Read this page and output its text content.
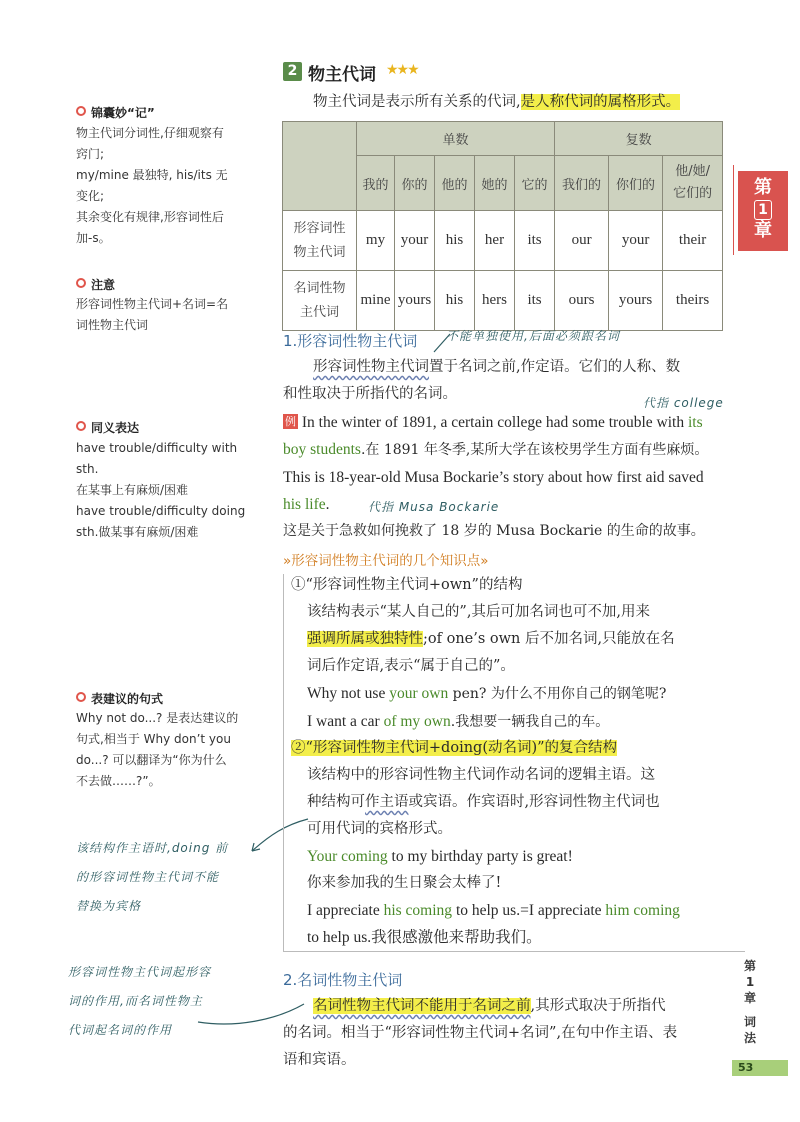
锦囊妙“记”
物主代词分词性,仔细观察有
窍门;
my/mine 最独特, his/its 无
变化;
其余变化有规律,形容词性后
加-s。
注意
形容词性物主代词+名词=名
词性物主代词
同义表达
have trouble/difficulty with sth.
在某事上有麻烦/困难
have trouble/difficulty doing
sth.做某事有麻烦/困难
表建议的句式
Why not do...? 是表达建议的
句式,相当于 Why don’t you
do...? 可以翻译为“你为什么
不去做……?”。
该结构作主语时,doing 前
的形容词性物主代词不能
替换为宾格
形容词性物主代词起形容
词的作用,而名词性物主
代词起名词的作用
2 物主代词 ★★★
物主代词是表示所有关系的代词,是人称代词的属格形式。
	单数					复数		
	我的	你的	他的	她的	它的	我们的	你们的	他/她/
它们的

形容词性
物主代词	my	your	his	her	its	our	your	their

名词性物
主代词	mine	yours	his	hers	its	ours	yours	theirs
1.形容词性物主代词 不能单独使用,后面必须跟名词
形容词性物主代词置于名词之前,作定语。它们的人称、数
和性取决于所指代的名词。
代指 college
例 In the winter of 1891, a certain college had some trouble with its
boy students.在 1891 年冬季,某所大学在该校男学生方面有些麻烦。
This is 18-year-old Musa Bockarie’s story about how first aid saved
his life.
这是关于急救如何挽救了 18 岁的 Musa Bockarie 的生命的故事。
代指 Musa Bockarie
»形容词性物主代词的几个知识点»
①“形容词性物主代词+own”的结构
该结构表示“某人自己的”,其后可加名词也可不加,用来
强调所属或独特性;of one’s own 后不加名词,只能放在名
词后作定语,表示“属于自己的”。
Why not use your own pen? 为什么不用你自己的钢笔呢?
I want a car of my own.我想要一辆我自己的车。
②“形容词性物主代词+doing(动名词)”的复合结构
该结构中的形容词性物主代词作动名词的逻辑主语。这
种结构可作主语或宾语。作宾语时,形容词性物主代词也
可用代词的宾格形式。
Your coming to my birthday party is great!
你来参加我的生日聚会太棒了!
I appreciate his coming to help us.=I appreciate him coming
to help us.我很感激他来帮助我们。
2.名词性物主代词
名词性物主代词不能用于名词之前,其形式取决于所指代
的名词。相当于“形容词性物主代词+名词”,在句中作主语、表
语和宾语。
第
1
章
第
1
章
词
法
53
